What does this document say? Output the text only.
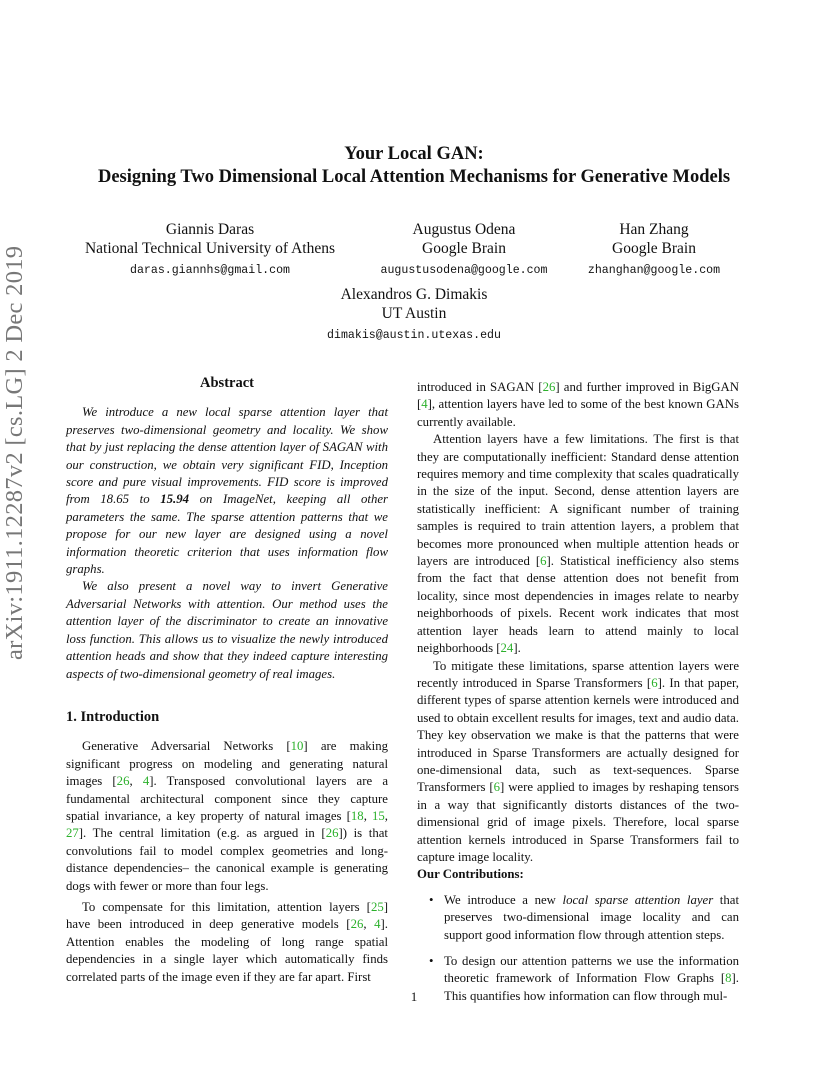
arXiv:1911.12287v2 [cs.LG] 2 Dec 2019
Your Local GAN:
Designing Two Dimensional Local Attention Mechanisms for Generative Models
Giannis Daras
National Technical University of Athens
daras.giannhs@gmail.com
Augustus Odena
Google Brain
augustusodena@google.com
Han Zhang
Google Brain
zhanghan@google.com
Alexandros G. Dimakis
UT Austin
dimakis@austin.utexas.edu
Abstract

We introduce a new local sparse attention layer that preserves two-dimensional geometry and locality. We show that by just replacing the dense attention layer of SAGAN with our construction, we obtain very significant FID, Inception score and pure visual improvements. FID score is improved from 18.65 to 15.94 on ImageNet, keeping all other parameters the same. The sparse attention patterns that we propose for our new layer are designed using a novel information theoretic criterion that uses information flow graphs.

We also present a novel way to invert Generative Adversarial Networks with attention. Our method uses the attention layer of the discriminator to create an innovative loss function. This allows us to visualize the newly introduced attention heads and show that they indeed capture interesting aspects of two-dimensional geometry of real images.

1. Introduction

Generative Adversarial Networks [10] are making significant progress on modeling and generating natural images [26, 4]. Transposed convolutional layers are a fundamental architectural component since they capture spatial invariance, a key property of natural images [18, 15, 27]. The central limitation (e.g. as argued in [26]) is that convolutions fail to model complex geometries and long-distance dependencies– the canonical example is generating dogs with fewer or more than four legs.

To compensate for this limitation, attention layers [25] have been introduced in deep generative models [26, 4]. Attention enables the modeling of long range spatial dependencies in a single layer which automatically finds correlated parts of the image even if they are far apart. First

introduced in SAGAN [26] and further improved in BigGAN [4], attention layers have led to some of the best known GANs currently available.

Attention layers have a few limitations. The first is that they are computationally inefficient: Standard dense attention requires memory and time complexity that scales quadratically in the size of the input. Second, dense attention layers are statistically inefficient: A significant number of training samples is required to train attention layers, a problem that becomes more pronounced when multiple attention heads or layers are introduced [6]. Statistical inefficiency also stems from the fact that dense attention does not benefit from locality, since most dependencies in images relate to nearby neighborhoods of pixels. Recent work indicates that most attention layer heads learn to attend mainly to local neighborhoods [24].

To mitigate these limitations, sparse attention layers were recently introduced in Sparse Transformers [6]. In that paper, different types of sparse attention kernels were introduced and used to obtain excellent results for images, text and audio data. They key observation we make is that the patterns that were introduced in Sparse Transformers are actually designed for one-dimensional data, such as text-sequences. Sparse Transformers [6] were applied to images by reshaping tensors in a way that significantly distorts distances of the two-dimensional grid of image pixels. Therefore, local sparse attention kernels introduced in Sparse Transformers fail to capture image locality.

Our Contributions:
• We introduce a new local sparse attention layer that preserves two-dimensional image locality and can support good information flow through attention steps.
• To design our attention patterns we use the information theoretic framework of Information Flow Graphs [8]. This quantifies how information can flow through mul-
1
